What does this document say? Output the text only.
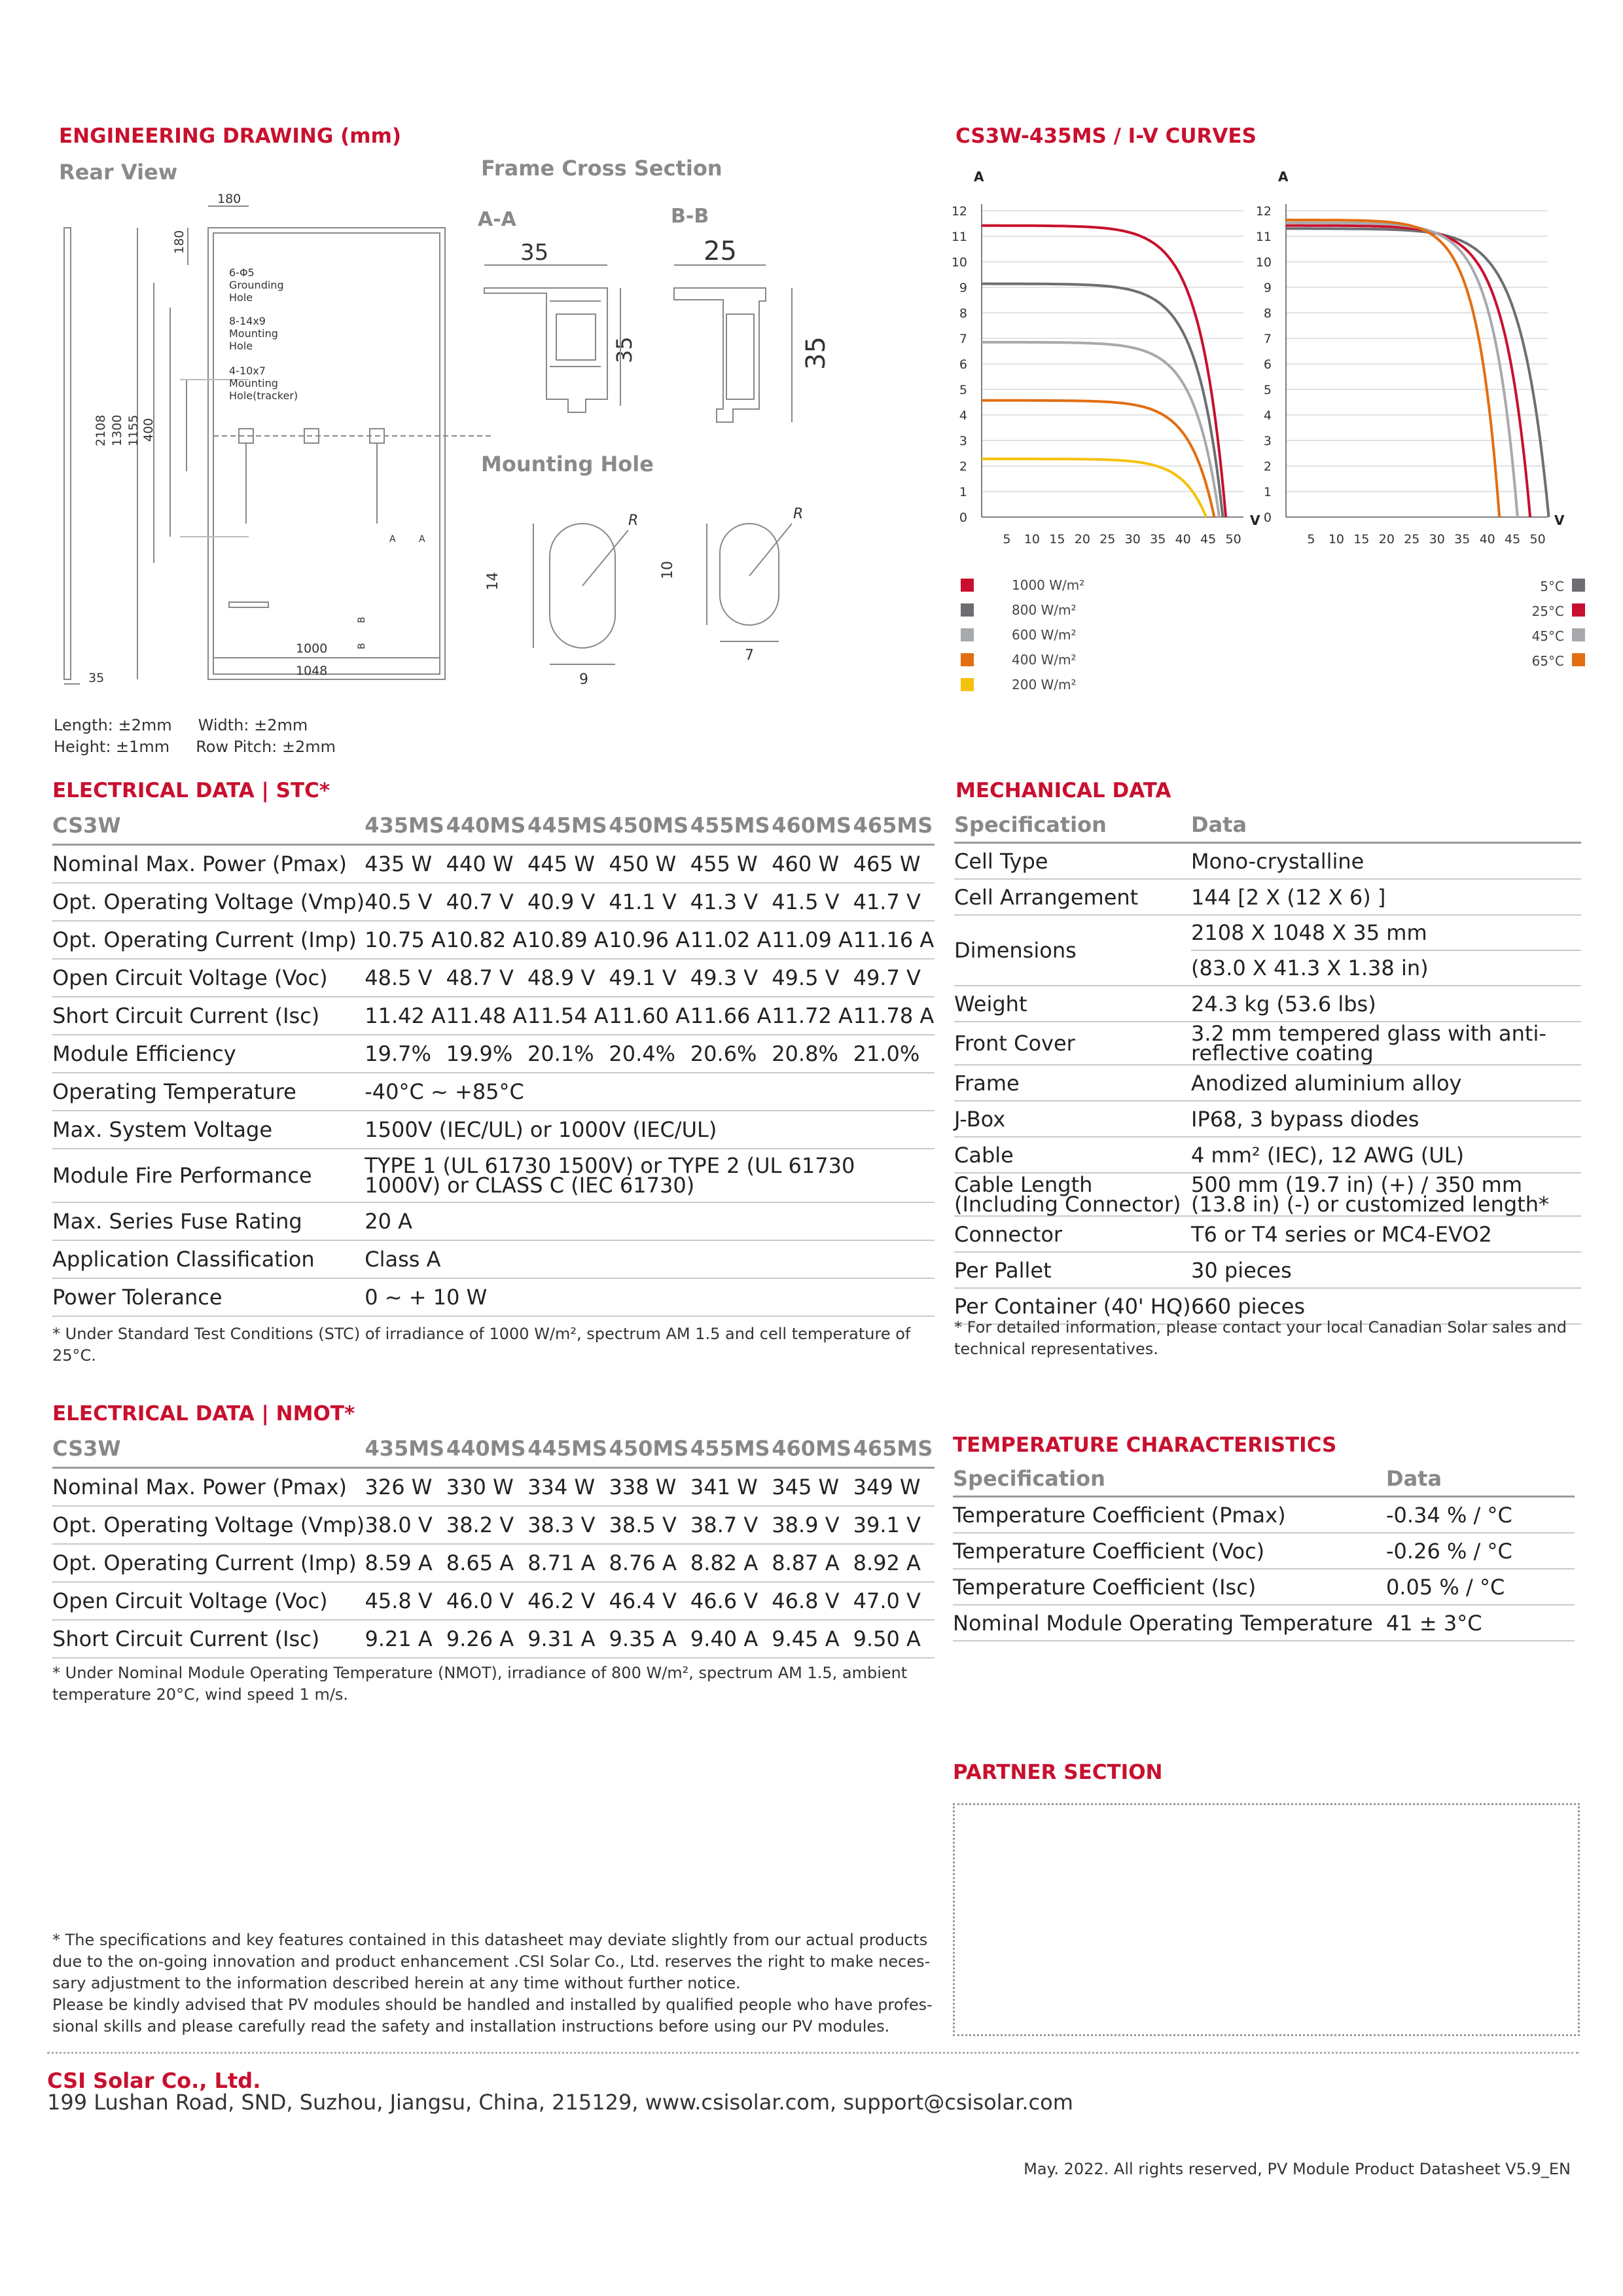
ENGINEERING DRAWING (mm)
Rear View	Frame Cross Section
Mounting Hole
180
180
2108 1300 1155 400
1000
1048
35
A	A
B
B
6-Φ5
Grounding
Hole
8-14x9
Mounting
Hole
4-10x7
Mounting
Hole(tracker)
A-A	B-B
35	25
35	35
R	R
14
9
10
7
Length: ±2mm Width: ±2mm
Height: ±1mm Row Pitch: ±2mm
CS3W-435MS / I-V CURVES
0
1
2
3
4
5
6
7
8
9
10
11
12
5 10 15 20 25 30 35 40 45 50
A
V 0
1
2
3
4
5
6
7
8
9
10
11
12
5 10 15 20 25 30 35 40 45 50
A
V
1000 W/m²
800 W/m²
600 W/m²
400 W/m²
200 W/m²
5°C
25°C
45°C
65°C
ELECTRICAL DATA | STC*
CS3W	435MS	440MS	445MS	450MS	455MS	460MS	465MS
Nominal Max. Power (Pmax)	435 W	440 W	445 W	450 W	455 W	460 W	465 W
Opt. Operating Voltage (Vmp)	40.5 V	40.7 V	40.9 V	41.1 V	41.3 V	41.5 V	41.7 V
Opt. Operating Current (Imp)	10.75 A	10.82 A	10.89 A	10.96 A	11.02 A	11.09 A	11.16 A
Open Circuit Voltage (Voc)	48.5 V	48.7 V	48.9 V	49.1 V	49.3 V	49.5 V	49.7 V
Short Circuit Current (Isc)	11.42 A	11.48 A	11.54 A	11.60 A	11.66 A	11.72 A	11.78 A
Module Efficiency	19.7%	19.9%	20.1%	20.4%	20.6%	20.8%	21.0%
Operating Temperature	-40°C ~ +85°C						
Max. System Voltage	1500V (IEC/UL) or 1000V (IEC/UL)						
Module Fire Performance	TYPE 1 (UL 61730 1500V) or TYPE 2 (UL 61730 1000V) or CLASS C (IEC 61730)						
Max. Series Fuse Rating	20 A						
Application Classification	Class A						
Power Tolerance	0 ~ + 10 W						
* Under Standard Test Conditions (STC) of irradiance of 1000 W/m², spectrum AM 1.5 and cell temperature of 25°C.
ELECTRICAL DATA | NMOT*
CS3W	435MS	440MS	445MS	450MS	455MS	460MS	465MS
Nominal Max. Power (Pmax)	326 W	330 W	334 W	338 W	341 W	345 W	349 W
Opt. Operating Voltage (Vmp)	38.0 V	38.2 V	38.3 V	38.5 V	38.7 V	38.9 V	39.1 V
Opt. Operating Current (Imp)	8.59 A	8.65 A	8.71 A	8.76 A	8.82 A	8.87 A	8.92 A
Open Circuit Voltage (Voc)	45.8 V	46.0 V	46.2 V	46.4 V	46.6 V	46.8 V	47.0 V
Short Circuit Current (Isc)	9.21 A	9.26 A	9.31 A	9.35 A	9.40 A	9.45 A	9.50 A
* Under Nominal Module Operating Temperature (NMOT), irradiance of 800 W/m², spectrum AM 1.5, ambient
temperature 20°C, wind speed 1 m/s.
MECHANICAL DATA
Specification	Data
Cell Type	Mono-crystalline
Cell Arrangement	144 [2 X (12 X 6) ]
Dimensions	2108 X 1048 X 35 mm
(83.0 X 41.3 X 1.38 in)

Weight	24.3 kg (53.6 lbs)
Front Cover	3.2 mm tempered glass with anti-reflective coating
Frame	Anodized aluminium alloy
J-Box	IP68, 3 bypass diodes
Cable	4 mm² (IEC), 12 AWG (UL)
Cable Length (Including Connector)	500 mm (19.7 in) (+) / 350 mm (13.8 in) (-) or customized length*
Connector	T6 or T4 series or MC4-EVO2
Per Pallet	30 pieces
Per Container (40' HQ)	660 pieces
* For detailed information, please contact your local Canadian Solar sales and technical representatives.
TEMPERATURE CHARACTERISTICS
Specification	Data
Temperature Coefficient (Pmax)	-0.34 % / °C
Temperature Coefficient (Voc)	-0.26 % / °C
Temperature Coefficient (Isc)	0.05 % / °C
Nominal Module Operating Temperature	41 ± 3°C
PARTNER SECTION
* The specifications and key features contained in this datasheet may deviate slightly from our actual products
due to the on-going innovation and product enhancement .CSI Solar Co., Ltd. reserves the right to make neces-
sary adjustment to the information described herein at any time without further notice.
Please be kindly advised that PV modules should be handled and installed by qualified people who have profes-
sional skills and please carefully read the safety and installation instructions before using our PV modules.
CSI Solar Co., Ltd.
199 Lushan Road, SND, Suzhou, Jiangsu, China, 215129, www.csisolar.com, support@csisolar.com
May. 2022. All rights reserved, PV Module Product Datasheet V5.9_EN
